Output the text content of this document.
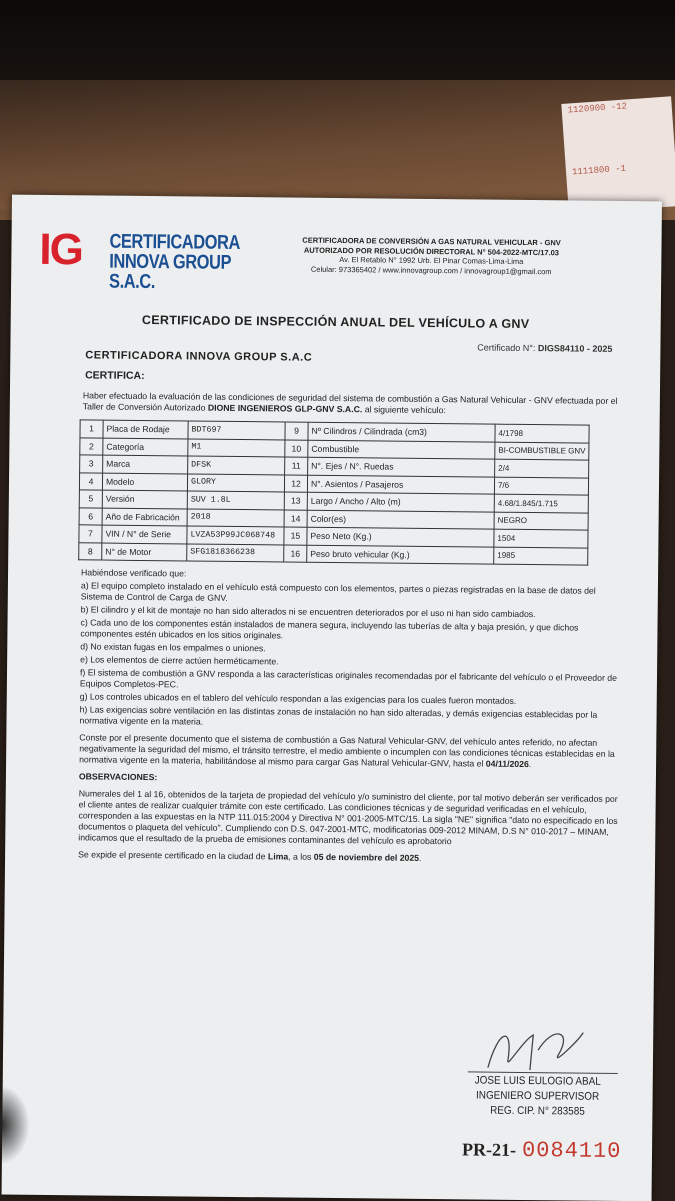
1120900 -12
1111800 -1
IG CERTIFICADORA
INNOVA GROUP S.A.C.
CERTIFICADORA DE CONVERSIÓN A GAS NATURAL VEHICULAR - GNV
AUTORIZADO POR RESOLUCIÓN DIRECTORAL N° 504-2022-MTC/17.03
Av. El Retablo N° 1992 Urb. El Pinar Comas-Lima-Lima
Celular: 973365402 / www.innovagroup.com / innovagroup1@gmail.com
CERTIFICADO DE INSPECCIÓN ANUAL DEL VEHÍCULO A GNV
Certificado N°: DIGS84110 - 2025
CERTIFICADORA INNOVA GROUP S.A.C
CERTIFICA:
Haber efectuado la evaluación de las condiciones de seguridad del sistema de combustión a Gas Natural Vehicular - GNV efectuada por el Taller de Conversión Autorizado DIONE INGENIEROS GLP-GNV S.A.C. al siguiente vehículo:
1	Placa de Rodaje	BDT697	9	Nº Cilindros / Cilindrada (cm3)	4/1798
2	Categoría	M1	10	Combustible	BI-COMBUSTIBLE GNV
3	Marca	DFSK	11	N°. Ejes / N°. Ruedas	2/4
4	Modelo	GLORY	12	N°. Asientos / Pasajeros	7/6
5	Versión	SUV 1.8L	13	Largo / Ancho / Alto (m)	4.68/1.845/1.715
6	Año de Fabricación	2018	14	Color(es)	NEGRO
7	VIN / N° de Serie	LVZA53P99JC068748	15	Peso Neto (Kg.)	1504
8	N° de Motor	SFG1818366238	16	Peso bruto vehicular (Kg.)	1985

Habiéndose verificado que:

a) El equipo completo instalado en el vehículo está compuesto con los elementos, partes o piezas registradas en la base de datos del Sistema de Control de Carga de GNV.

b) El cilindro y el kit de montaje no han sido alterados ni se encuentren deteriorados por el uso ni han sido cambiados.

c) Cada uno de los componentes están instalados de manera segura, incluyendo las tuberías de alta y baja presión, y que dichos componentes estén ubicados en los sitios originales.

d) No existan fugas en los empalmes o uniones.

e) Los elementos de cierre actúen herméticamente.

f) El sistema de combustión a GNV responda a las características originales recomendadas por el fabricante del vehículo o el Proveedor de Equipos Completos-PEC.

g) Los controles ubicados en el tablero del vehículo respondan a las exigencias para los cuales fueron montados.

h) Las exigencias sobre ventilación en las distintas zonas de instalación no han sido alteradas, y demás exigencias establecidas por la normativa vigente en la materia.

Conste por el presente documento que el sistema de combustión a Gas Natural Vehicular-GNV, del vehículo antes referido, no afectan negativamente la seguridad del mismo, el tránsito terrestre, el medio ambiente o incumplen con las condiciones técnicas establecidas en la normativa vigente en la materia, habilitándose al mismo para cargar Gas Natural Vehicular-GNV, hasta el 04/11/2026.

OBSERVACIONES:

Numerales del 1 al 16, obtenidos de la tarjeta de propiedad del vehículo y/o suministro del cliente, por tal motivo deberán ser verificados por el cliente antes de realizar cualquier trámite con este certificado. Las condiciones técnicas y de seguridad verificadas en el vehículo, corresponden a las expuestas en la NTP 111.015:2004 y Directiva N° 001-2005-MTC/15. La sigla "NE" significa "dato no especificado en los documentos o plaqueta del vehículo". Cumpliendo con D.S. 047-2001-MTC, modificatorias 009-2012 MINAM, D.S N° 010-2017 – MINAM, indicamos que el resultado de la prueba de emisiones contaminantes del vehículo es aprobatorio

Se expide el presente certificado en la ciudad de Lima, a los 05 de noviembre del 2025.

JOSE LUIS EULOGIO ABAL
INGENIERO SUPERVISOR
REG. CIP. N° 283585
PR-21- 0084110
